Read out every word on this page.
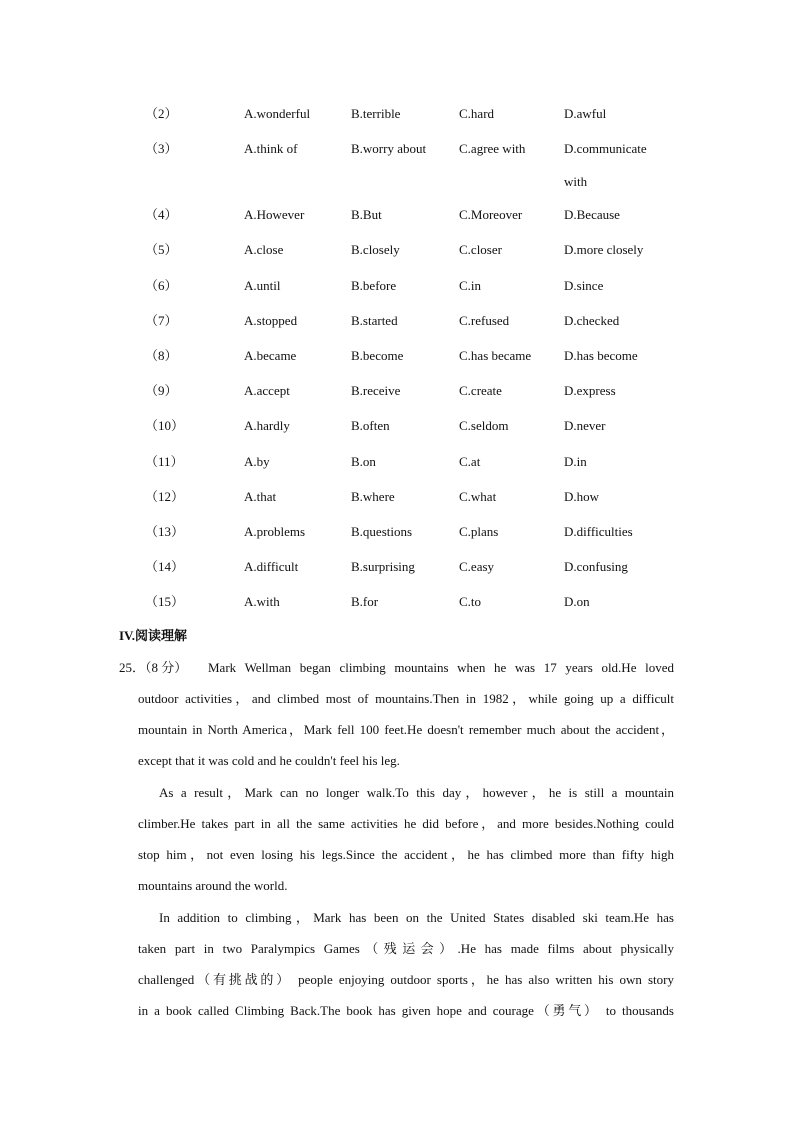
（2）	A.wonderful	B.terrible	C.hard	D.awful
（3）	A.think of	B.worry about	C.agree with	D.communicate
with
（4）	A.However	B.But	C.Moreover	D.Because
（5）	A.close	B.closely	C.closer	D.more closely
（6）	A.until	B.before	C.in	D.since
（7）	A.stopped	B.started	C.refused	D.checked
（8）	A.became	B.become	C.has became	D.has become
（9）	A.accept	B.receive	C.create	D.express
（10）	A.hardly	B.often	C.seldom	D.never
（11）	A.by	B.on	C.at	D.in
（12）	A.that	B.where	C.what	D.how
（13）	A.problems	B.questions	C.plans	D.difficulties
（14）	A.difficult	B.surprising	C.easy	D.confusing
（15）	A.with	B.for	C.to	D.on
IV.阅读理解
25．（8 分） Mark Wellman began climbing mountains when he was 17 years old.He loved
outdoor activities，and climbed most of mountains.Then in 1982，while going up a difficult
mountain in North America，Mark fell 100 feet.He doesn't remember much about the accident，
except that it was cold and he couldn't feel his leg.
As a result，Mark can no longer walk.To this day，however，he is still a mountain
climber.He takes part in all the same activities he did before，and more besides.Nothing could
stop him，not even losing his legs.Since the accident，he has climbed more than fifty high
mountains around the world.
In addition to climbing，Mark has been on the United States disabled ski team.He has
taken part in two Paralympics Games（残运会）.He has made films about physically
challenged（有挑战的） people enjoying outdoor sports，he has also written his own story
in a book called Climbing Back.The book has given hope and courage（勇气） to thousands
